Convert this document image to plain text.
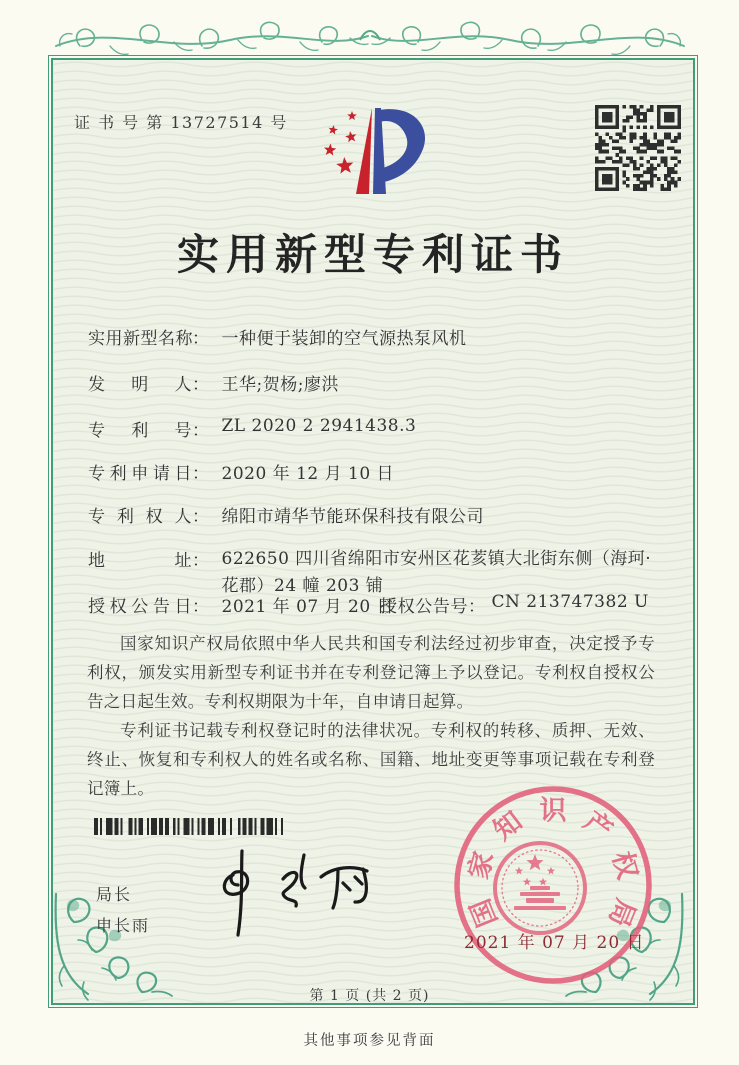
证 书 号 第 13727514 号
实用新型专利证书
实用新型名称 ： 一种便于装卸的空气源热泵风机
发明人 ： 王华;贺杨;廖洪
专利号 ： ZL 2020 2 2941438.3
专利申请日 ： 2020 年 12 月 10 日
专利权人 ： 绵阳市靖华节能环保科技有限公司
地址 ： 622650 四川省绵阳市安州区花荄镇大北街东侧（海珂·花郡）24 幢 203 铺
授权公告日 ： 2021 年 07 月 20 日
授权公告号 ： CN 213747382 U

国家知识产权局依照中华人民共和国专利法经过初步审查，决定授予专利权，颁发实用新型专利证书并在专利登记簿上予以登记。专利权自授权公告之日起生效。专利权期限为十年，自申请日起算。

专利证书记载专利权登记时的法律状况。专利权的转移、质押、无效、终止、恢复和专利权人的姓名或名称、国籍、地址变更等事项记载在专利登记簿上。

局长
申长雨	国
家
知 识 产
权
局
2021 年 07 月 20 日
第 1 页 (共 2 页)
其他事项参见背面
